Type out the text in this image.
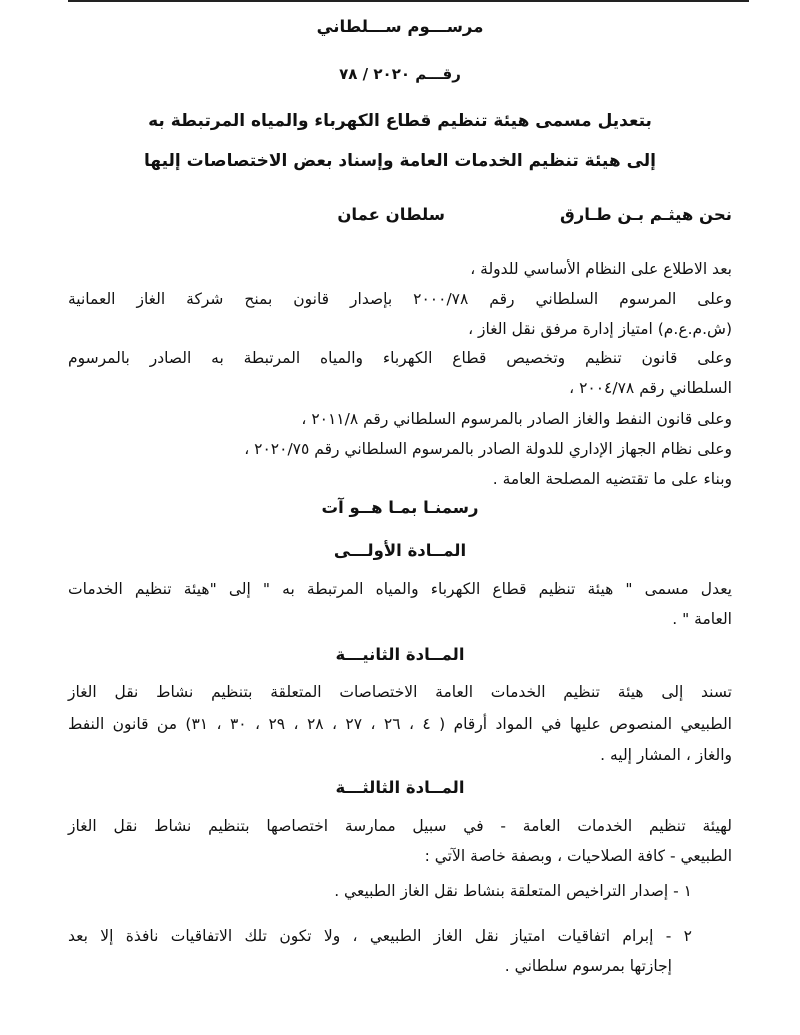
مرســـوم ســـلطاني
رقـــم ٢٠٢٠ / ٧٨
بتعديل مسمى هيئة تنظيم قطاع الكهرباء والمياه المرتبطة به
إلى هيئة تنظيم الخدمات العامة وإسناد بعض الاختصاصات إليها
نحن هيثـم بـن طـارق
سلطان عمان
بعد الاطلاع على النظام الأساسي للدولة ،
وعلى المرسوم السلطاني رقم ٢٠٠٠/٧٨ بإصدار قانون بمنح شركة الغاز العمانية
(ش.م.ع.م) امتياز إدارة مرفق نقل الغاز ،
وعلى قانون تنظيم وتخصيص قطاع الكهرباء والمياه المرتبطة به الصادر بالمرسوم
السلطاني رقم ٢٠٠٤/٧٨ ،
وعلى قانون النفط والغاز الصادر بالمرسوم السلطاني رقم ٢٠١١/٨ ،
وعلى نظام الجهاز الإداري للدولة الصادر بالمرسوم السلطاني رقم ٢٠٢٠/٧٥ ،
وبناء على ما تقتضيه المصلحة العامة .
رسمنـا بمـا هــو آت
المــادة الأولـــى
يعدل مسمى " هيئة تنظيم قطاع الكهرباء والمياه المرتبطة به " إلى "هيئة تنظيم الخدمات
العامة " .
المــادة الثانيـــة
تسند إلى هيئة تنظيم الخدمات العامة الاختصاصات المتعلقة بتنظيم نشاط نقل الغاز
الطبيعي المنصوص عليها في المواد أرقام ( ٤ ، ٢٦ ، ٢٧ ، ٢٨ ، ٢٩ ، ٣٠ ، ٣١) من قانون النفط
والغاز ، المشار إليه .
المــادة الثالثـــة
لهيئة تنظيم الخدمات العامة - في سبيل ممارسة اختصاصها بتنظيم نشاط نقل الغاز
الطبيعي - كافة الصلاحيات ، وبصفة خاصة الآتي :
١ - إصدار التراخيص المتعلقة بنشاط نقل الغاز الطبيعي .
٢ - إبرام اتفاقيات امتياز نقل الغاز الطبيعي ، ولا تكون تلك الاتفاقيات نافذة إلا بعد
إجازتها بمرسوم سلطاني .
